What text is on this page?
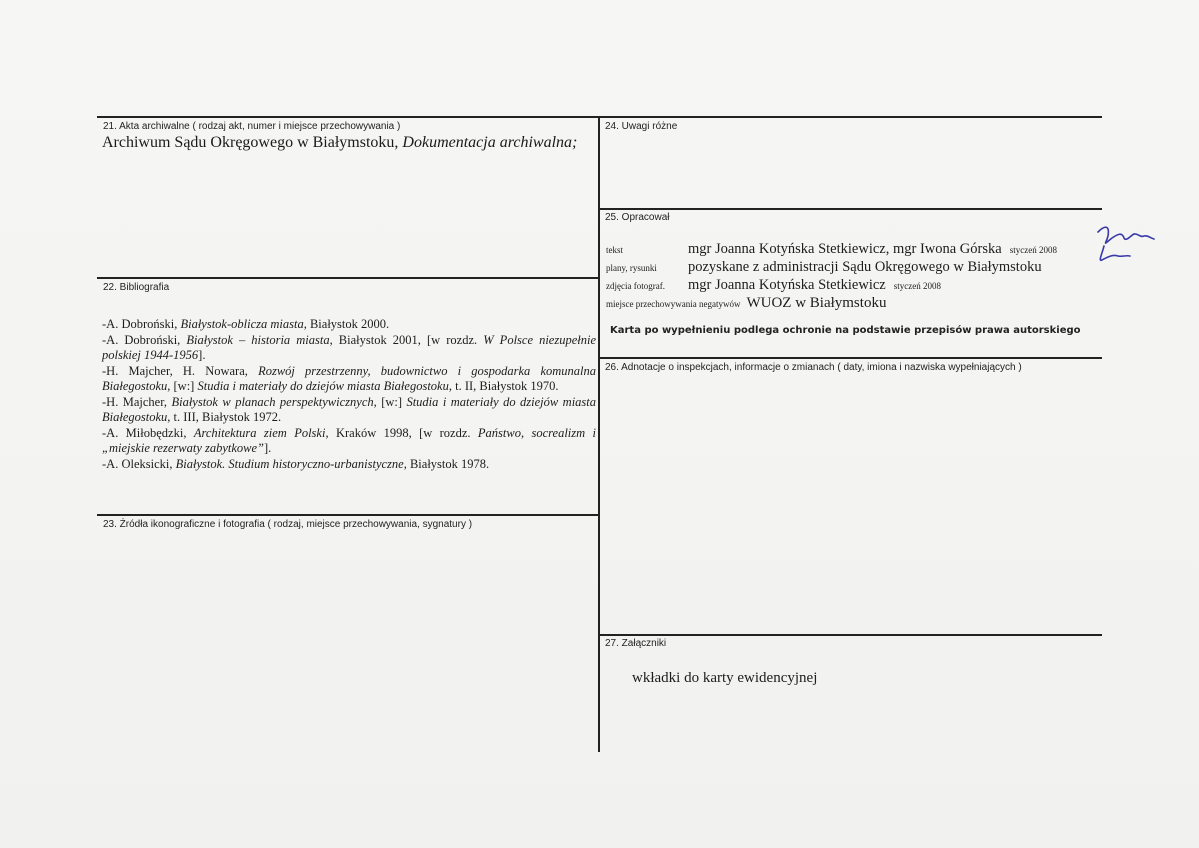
21. Akta archiwalne ( rodzaj akt, numer i miejsce przechowywania )
22. Bibliografia
23. Źródła ikonograficzne i fotografia ( rodzaj, miejsce przechowywania, sygnatury )
24. Uwagi różne
25. Opracował
26. Adnotacje o inspekcjach, informacje o zmianach ( daty, imiona i nazwiska wypełniających )
27. Załączniki
Archiwum Sądu Okręgowego w Białymstoku, Dokumentacja archiwalna;

-A. Dobroński, Białystok-oblicza miasta, Białystok 2000.

-A. Dobroński, Białystok – historia miasta, Białystok 2001, [w rozdz. W Polsce niezupełnie polskiej 1944-1956].

-H. Majcher, H. Nowara, Rozwój przestrzenny, budownictwo i gospodarka komunalna Białegostoku, [w:] Studia i materiały do dziejów miasta Białegostoku, t. II, Białystok 1970.

-H. Majcher, Białystok w planach perspektywicznych, [w:] Studia i materiały do dziejów miasta Białegostoku, t. III, Białystok 1972.

-A. Miłobędzki, Architektura ziem Polski, Kraków 1998, [w rozdz. Państwo, socrealizm i „miejskie rezerwaty zabytkowe”].

-A. Oleksicki, Białystok. Studium historyczno-urbanistyczne, Białystok 1978.

tekst	mgr Joanna Kotyńska Stetkiewicz, mgr Iwona Górska styczeń 2008
plany, rysunki pozyskane z administracji Sądu Okręgowego w Białymstoku
zdjęcia fotograf. mgr Joanna Kotyńska Stetkiewicz styczeń 2008
miejsce przechowywania negatywów WUOZ w Białymstoku
Karta po wypełnieniu podlega ochronie na podstawie przepisów prawa autorskiego
wkładki do karty ewidencyjnej
